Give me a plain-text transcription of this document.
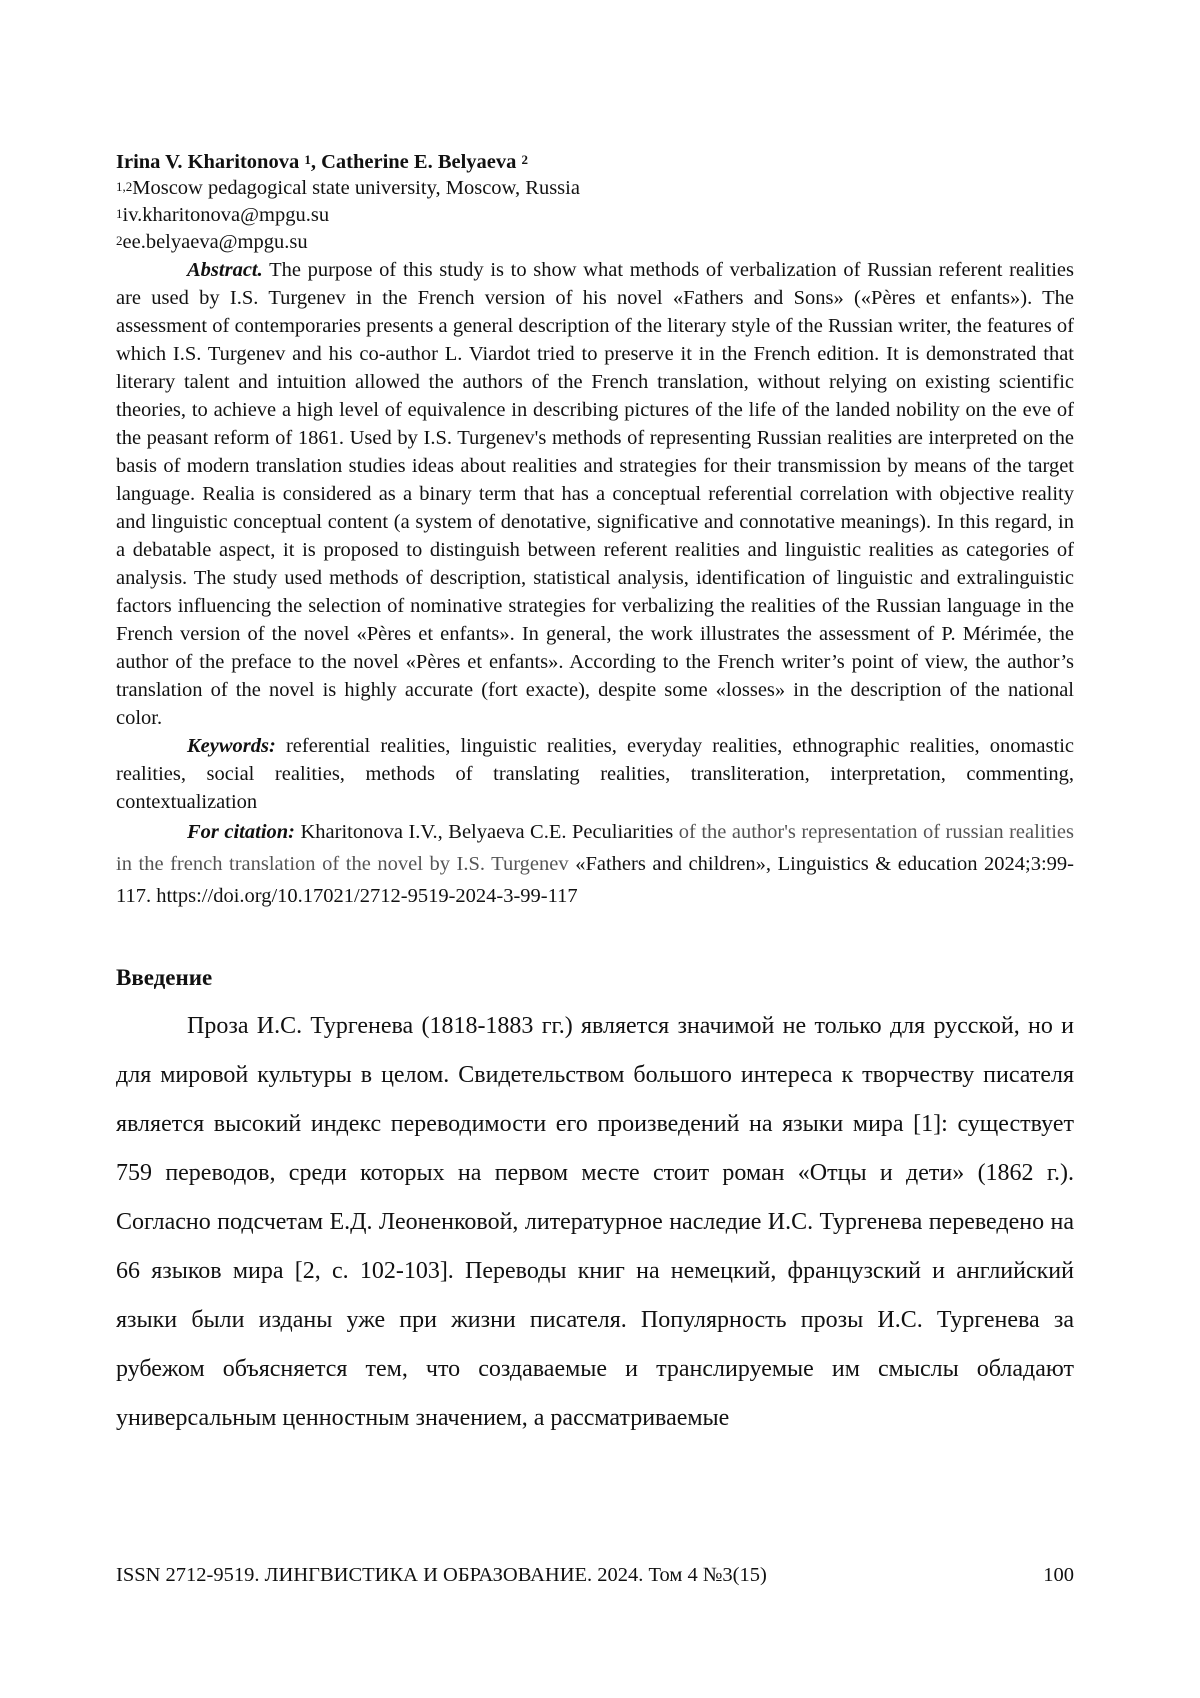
Irina V. Kharitonova $^1$, Catherine E. Belyaeva $^2$

$^{1,2}$Moscow pedagogical state university, Moscow, Russia

$^1$iv.kharitonova@mpgu.su

$^2$ee.belyaeva@mpgu.su

Abstract. The purpose of this study is to show what methods of verbalization of Russian referent realities are used by I.S. Turgenev in the French version of his novel «Fathers and Sons» («Pères et enfants»). The assessment of contemporaries presents a general description of the literary style of the Russian writer, the features of which I.S. Turgenev and his co-author L. Viardot tried to preserve it in the French edition. It is demonstrated that literary talent and intuition allowed the authors of the French translation, without relying on existing scientific theories, to achieve a high level of equivalence in describing pictures of the life of the landed nobility on the eve of the peasant reform of 1861. Used by I.S. Turgenev's methods of representing Russian realities are interpreted on the basis of modern translation studies ideas about realities and strategies for their transmission by means of the target language. Realia is considered as a binary term that has a conceptual referential correlation with objective reality and linguistic conceptual content (a system of denotative, significative and connotative meanings). In this regard, in a debatable aspect, it is proposed to distinguish between referent realities and linguistic realities as categories of analysis. The study used methods of description, statistical analysis, identification of linguistic and extralinguistic factors influencing the selection of nominative strategies for verbalizing the realities of the Russian language in the French version of the novel «Pères et enfants». In general, the work illustrates the assessment of P. Mérimée, the author of the preface to the novel «Pères et enfants». According to the French writer’s point of view, the author’s translation of the novel is highly accurate (fort exacte), despite some «losses» in the description of the national color.

Keywords: referential realities, linguistic realities, everyday realities, ethnographic realities, onomastic realities, social realities, methods of translating realities, transliteration, interpretation, commenting, contextualization

For citation: Kharitonova I.V., Belyaeva C.E. Peculiarities of the author's representation of russian realities in the french translation of the novel by I.S. Turgenev «Fathers and children», Linguistics & education 2024;3:99-117. https://doi.org/10.17021/2712-9519-2024-3-99-117

Введение

Проза И.С. Тургенева (1818-1883 гг.) является значимой не только для русской, но и для мировой культуры в целом. Свидетельством большого интереса к творчеству писателя является высокий индекс переводимости его произведений на языки мира [1]: существует 759 переводов, среди которых на первом месте стоит роман «Отцы и дети» (1862 г.). Согласно подсчетам Е.Д. Леоненковой, литературное наследие И.С. Тургенева переведено на 66 языков мира [2, с. 102-103]. Переводы книг на немецкий, французский и английский языки были изданы уже при жизни писателя. Популярность прозы И.С. Тургенева за рубежом объясняется тем, что создаваемые и транслируемые им смыслы обладают универсальным ценностным значением, а рассматриваемые

ISSN 2712-9519. ЛИНГВИСТИКА И ОБРАЗОВАНИЕ. 2024. Том 4 №3(15)	100
